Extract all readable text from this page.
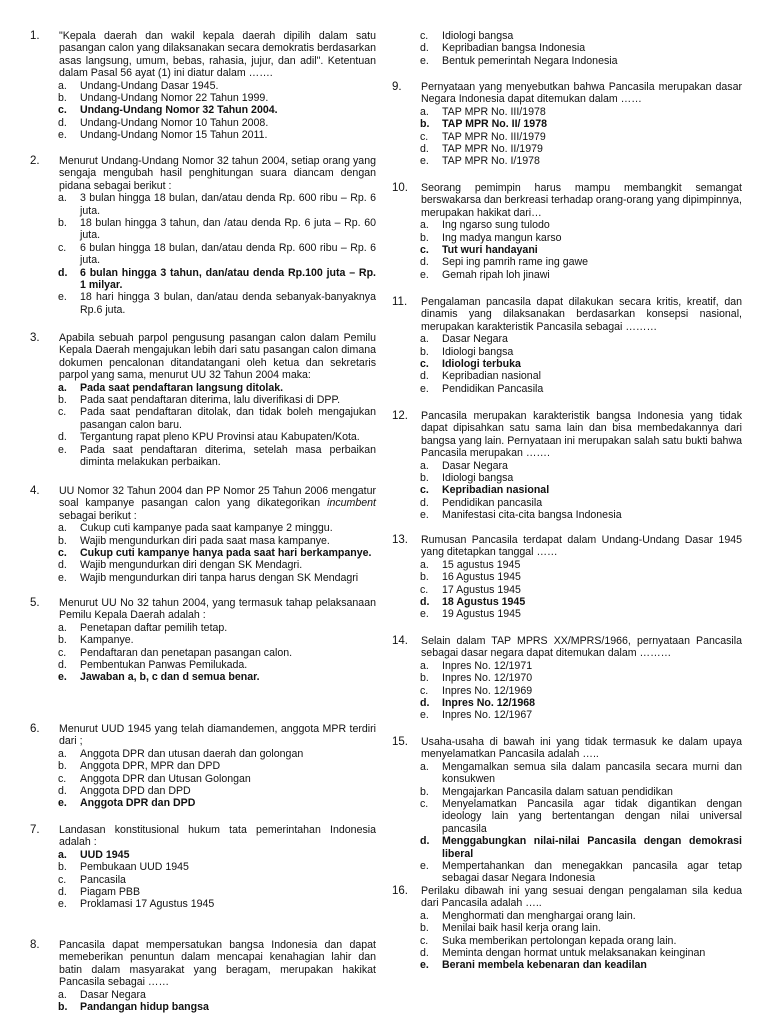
1. "Kepala daerah dan wakil kepala daerah dipilih dalam satu pasangan calon yang dilaksanakan secara demokratis berdasarkan asas langsung, umum, bebas, rahasia, jujur, dan adil". Ketentuan dalam Pasal 56 ayat (1) ini diatur dalam …….
a. Undang-Undang Dasar 1945.
b. Undang-Undang Nomor 22 Tahun 1999.
c. Undang-Undang Nomor 32 Tahun 2004.
d. Undang-Undang Nomor 10 Tahun 2008.
e. Undang-Undang Nomor 15 Tahun 2011.
2. Menurut Undang-Undang Nomor 32 tahun 2004, setiap orang yang sengaja mengubah hasil penghitungan suara diancam dengan pidana sebagai berikut :
a. 3 bulan hingga 18 bulan, dan/atau denda Rp. 600 ribu – Rp. 6 juta.
b. 18 bulan hingga 3 tahun, dan /atau denda Rp. 6 juta – Rp. 60 juta.
c. 6 bulan hingga 18 bulan, dan/atau denda Rp. 600 ribu – Rp. 6 juta.
d. 6 bulan hingga 3 tahun, dan/atau denda Rp.100 juta – Rp. 1 milyar.
e. 18 hari hingga 3 bulan, dan/atau denda sebanyak-banyaknya Rp.6 juta.
3. Apabila sebuah parpol pengusung pasangan calon dalam Pemilu Kepala Daerah mengajukan lebih dari satu pasangan calon dimana dokumen pencalonan ditandatangani oleh ketua dan sekretaris parpol yang sama, menurut UU 32 Tahun 2004 maka:
a. Pada saat pendaftaran langsung ditolak.
b. Pada saat pendaftaran diterima, lalu diverifikasi di DPP.
c. Pada saat pendaftaran ditolak, dan tidak boleh mengajukan pasangan calon baru.
d. Tergantung rapat pleno KPU Provinsi atau Kabupaten/Kota.
e. Pada saat pendaftaran diterima, setelah masa perbaikan diminta melakukan perbaikan.
4. UU Nomor 32 Tahun 2004 dan PP Nomor 25 Tahun 2006 mengatur soal kampanye pasangan calon yang dikategorikan incumbent sebagai berikut :
a. Cukup cuti kampanye pada saat kampanye 2 minggu.
b. Wajib mengundurkan diri pada saat masa kampanye.
c. Cukup cuti kampanye hanya pada saat hari berkampanye.
d. Wajib mengundurkan diri dengan SK Mendagri.
e. Wajib mengundurkan diri tanpa harus dengan SK Mendagri
5. Menurut UU No 32 tahun 2004, yang termasuk tahap pelaksanaan Pemilu Kepala Daerah adalah :
a. Penetapan daftar pemilih tetap.
b. Kampanye.
c. Pendaftaran dan penetapan pasangan calon.
d. Pembentukan Panwas Pemilukada.
e. Jawaban a, b, c dan d semua benar.
6. Menurut UUD 1945 yang telah diamandemen, anggota MPR terdiri dari ;
a. Anggota DPR dan utusan daerah dan golongan
b. Anggota DPR, MPR dan DPD
c. Anggota DPR dan Utusan Golongan
d. Anggota DPD dan DPD
e. Anggota DPR dan DPD
7. Landasan konstitusional hukum tata pemerintahan Indonesia adalah :
a. UUD 1945
b. Pembukaan UUD 1945
c. Pancasila
d. Piagam PBB
e. Proklamasi 17 Agustus 1945
8. Pancasila dapat mempersatukan bangsa Indonesia dan dapat memeberikan penuntun dalam mencapai kenahagian lahir dan batin dalam masyarakat yang beragam, merupakan hakikat Pancasila sebagai ……
a. Dasar Negara
b. Pandangan hidup bangsa
c. Idiologi bangsa
d. Kepribadian bangsa Indonesia
e. Bentuk pemerintah Negara Indonesia
9. Pernyataan yang menyebutkan bahwa Pancasila merupakan dasar Negara Indonesia dapat ditemukan dalam ……
a. TAP MPR No. III/1978
b. TAP MPR No. II/ 1978
c. TAP MPR No. III/1979
d. TAP MPR No. II/1979
e. TAP MPR No. I/1978
10. Seorang pemimpin harus mampu membangkit semangat berswakarsa dan berkreasi terhadap orang-orang yang dipimpinnya, merupakan hakikat dari…
a. Ing ngarso sung tulodo
b. Ing madya mangun karso
c. Tut wuri handayani
d. Sepi ing pamrih rame ing gawe
e. Gemah ripah loh jinawi
11. Pengalaman pancasila dapat dilakukan secara kritis, kreatif, dan dinamis yang dilaksanakan berdasarkan konsepsi nasional, merupakan karakteristik Pancasila sebagai ………
a. Dasar Negara
b. Idiologi bangsa
c. Idiologi terbuka
d. Kepribadian nasional
e. Pendidikan Pancasila
12. Pancasila merupakan karakteristik bangsa Indonesia yang tidak dapat dipisahkan satu sama lain dan bisa membedakannya dari bangsa yang lain. Pernyataan ini merupakan salah satu bukti bahwa Pancasila merupakan …….
a. Dasar Negara
b. Idiologi bangsa
c. Kepribadian nasional
d. Pendidikan pancasila
e. Manifestasi cita-cita bangsa Indonesia
13. Rumusan Pancasila terdapat dalam Undang-Undang Dasar 1945 yang ditetapkan tanggal ……
a. 15 agustus 1945
b. 16 Agustus 1945
c. 17 Agustus 1945
d. 18 Agustus 1945
e. 19 Agustus 1945
14. Selain dalam TAP MPRS XX/MPRS/1966, pernyataan Pancasila sebagai dasar negara dapat ditemukan dalam ………
a. Inpres No. 12/1971
b. Inpres No. 12/1970
c. Inpres No. 12/1969
d. Inpres No. 12/1968
e. Inpres No. 12/1967
15. Usaha-usaha di bawah ini yang tidak termasuk ke dalam upaya menyelamatkan Pancasila adalah …..
a. Mengamalkan semua sila dalam pancasila secara murni dan konsukwen
b. Mengajarkan Pancasila dalam satuan pendidikan
c. Menyelamatkan Pancasila agar tidak digantikan dengan ideology lain yang bertentangan dengan nilai universal pancasila
d. Menggabungkan nilai-nilai Pancasila dengan demokrasi liberal
e. Mempertahankan dan menegakkan pancasila agar tetap sebagai dasar Negara Indonesia
16. Perilaku dibawah ini yang sesuai dengan pengalaman sila kedua dari Pancasila adalah …..
a. Menghormati dan menghargai orang lain.
b. Menilai baik hasil kerja orang lain.
c. Suka memberikan pertolongan kepada orang lain.
d. Meminta dengan hormat untuk melaksanakan keinginan
e. Berani membela kebenaran dan keadilan
